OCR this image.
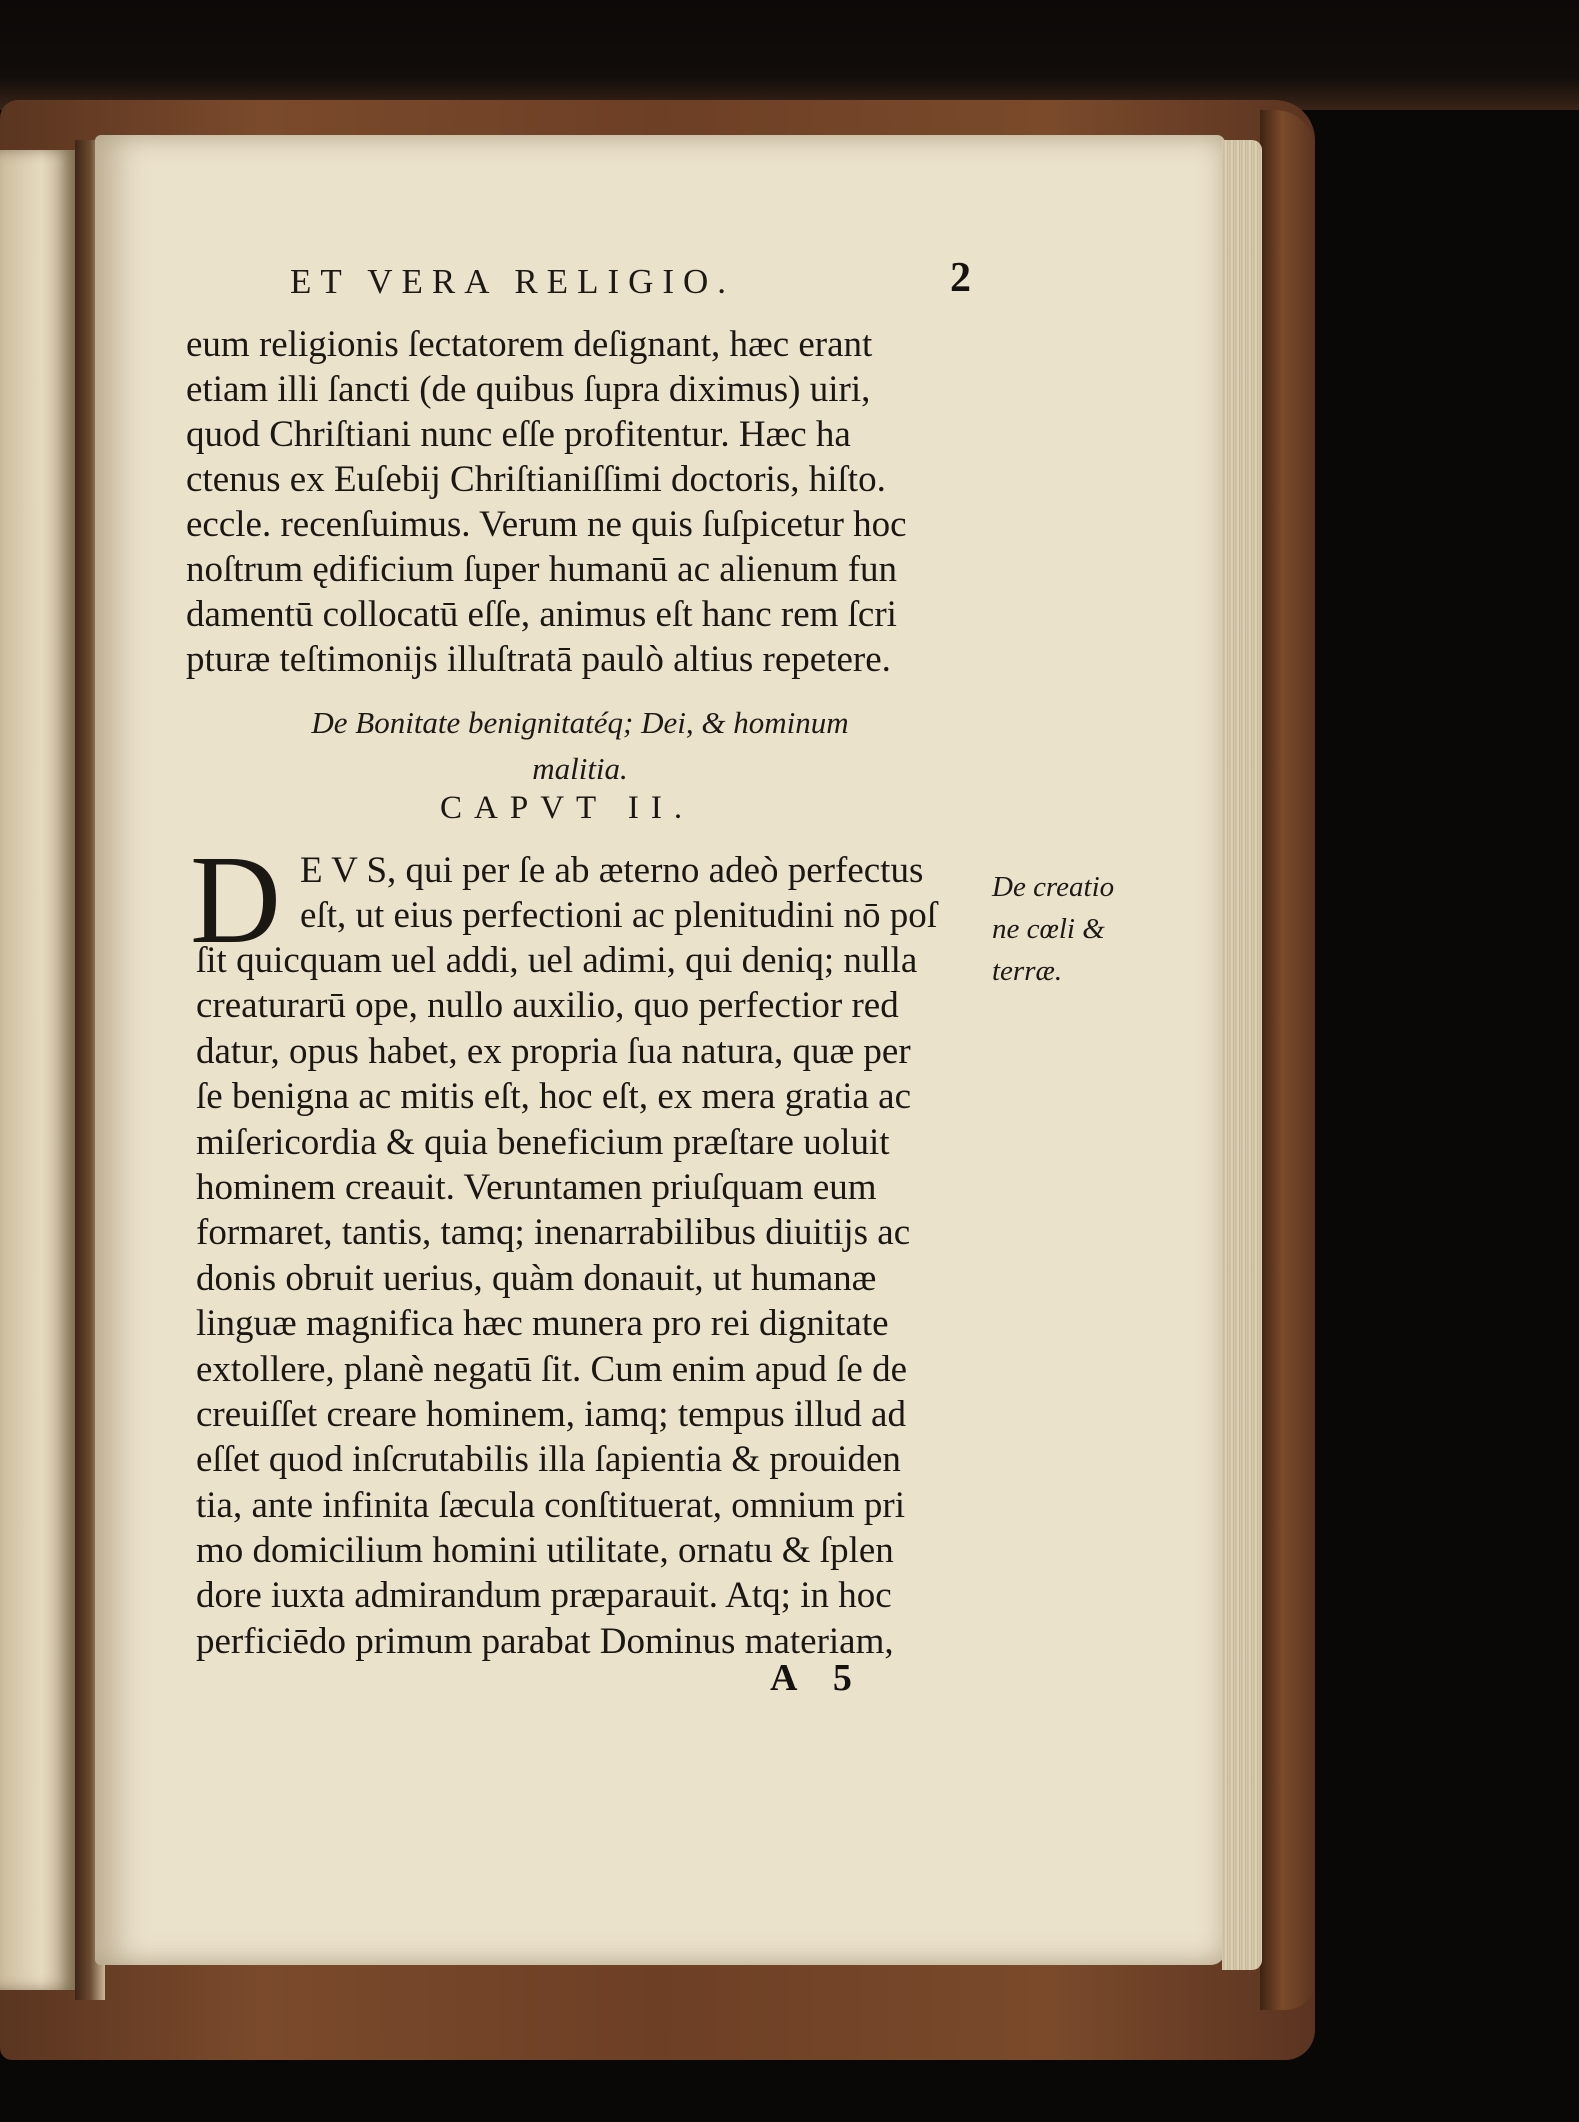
ET VERA RELIGIO.	2
eum religionis ſectatorem deſignant, hæc erant
etiam illi ſancti (de quibus ſupra diximus) uiri,
quod Chriſtiani nunc eſſe profitentur. Hæc ha
ctenus ex Euſebij Chriſtianiſſimi doctoris, hiſto.
eccle. recenſuimus. Verum ne quis ſuſpicetur hoc
noſtrum ędificium ſuper humanū ac alienum fun
damentū collocatū eſſe, animus eſt hanc rem ſcri
pturæ teſtimonijs illuſtratā paulò altius repetere.
De Bonitate benignitatéq; Dei, & hominum
malitia.
CAPVT II.
D E V S, qui per ſe ab æterno adeò perfectus
eſt, ut eius perfectioni ac plenitudini nō poſ
ſit quicquam uel addi, uel adimi, qui deniq; nulla
creaturarū ope, nullo auxilio, quo perfectior red
datur, opus habet, ex propria ſua natura, quæ per
ſe benigna ac mitis eſt, hoc eſt, ex mera gratia ac
miſericordia & quia beneficium præſtare uoluit
hominem creauit. Veruntamen priuſquam eum
formaret, tantis, tamq; inenarrabilibus diuitijs ac
donis obruit uerius, quàm donauit, ut humanæ
linguæ magnifica hæc munera pro rei dignitate
extollere, planè negatū ſit. Cum enim apud ſe de
creuiſſet creare hominem, iamq; tempus illud ad
eſſet quod inſcrutabilis illa ſapientia & prouiden
tia, ante infinita ſæcula conſtituerat, omnium pri
mo domicilium homini utilitate, ornatu & ſplen
dore iuxta admirandum præparauit. Atq; in hoc
perficiēdo primum parabat Dominus materiam,
De creatio
ne cœli &
terræ.
A 5
